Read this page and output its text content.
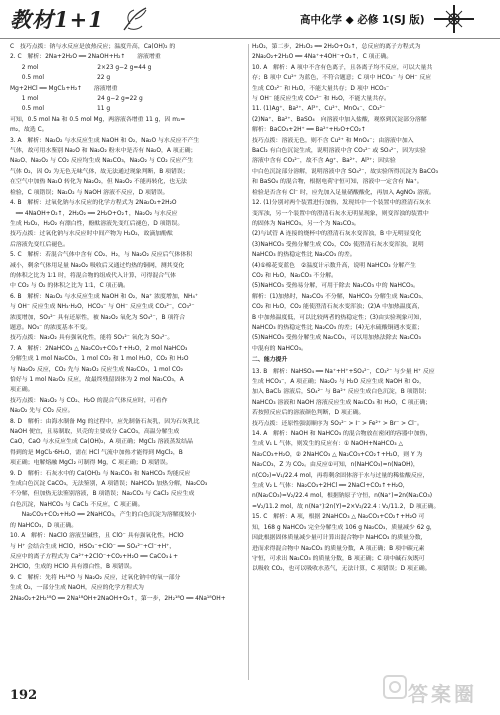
教材1+1	高中化学 ◆ 必修 1(SJ 版)

C　技巧点拨：钠与水反应是放热反应；温度升高，Ca(OH)₂ 的

2. C　解析：2Na+2H₂O ══ 2NaOH+H₂↑　　溶液增重

　　2 mol　　　　　　　　　　2×23 g−2 g=44 g

　　0.5 mol　　　　　　　　　22 g

Mg+2HCl ══ MgCl₂+H₂↑　　溶液增重

　　1 mol　　　　　　　　　　24 g−2 g=22 g

　　0.5 mol　　　　　　　　　11 g

可知，0.5 mol Na 和 0.5 mol Mg，两溶液各增重 11 g，因 m₁=

m₂，故选 C。

3. A　解析：Na₂O₂ 与水反应生成 NaOH 和 O₂，Na₂O 与水反应不产生

气体，故可用水鉴别 Na₂O 和 Na₂O₂ 粉末中是否有 Na₂O，A 项正确；

Na₂O、Na₂O₂ 与 CO₂ 反应均生成 Na₂CO₃，Na₂O₂ 与 CO₂ 反应产生

气体 O₂，因 O₂ 为无色无味气体，故无法通过现象判断，B 项错误；

在空气中加热 Na₂O 转化为 Na₂O₂，但 Na₂O₂ 不能再转化，也无法

检验，C 项错误；Na₂O₂ 与 NaOH 溶液不反应，D 项错误。

4. B　解析：过氧化钠与水反应的化学方程式为 2Na₂O₂+2H₂O

　══ 4NaOH+O₂↑，2H₂O₂ ══ 2H₂O+O₂↑，Na₂O₂ 与水反应

生成 H₂O₂，H₂O₂ 有漂白性，酚酞溶液先变红后褪色，D 项错误。

技巧点拨：过氧化钠与水反应时中间产物为 H₂O₂，故滴加酚酞

后溶液先变红后褪色。

5. C　解析：若混合气体中含有 CO₂、H₂，与 Na₂O₂ 反应后气体体积

减小，剩余气体用足量 Na₂O₂ 吸收后又通过灼热的铜网，测其变化

的体积之比为 1∶1 时，将混合物的组成代入计算，可得混合气体

中 CO₂ 与 O₂ 的体积之比为 1∶1，C 项正确。

6. B　解析：Na₂O₂ 与水反应生成 NaOH 和 O₂，Na⁺ 浓度增加，NH₄⁺

与 OH⁻ 反应生成 NH₃·H₂O，HCO₃⁻ 与 OH⁻ 反应生成 CO₃²⁻，CO₃²⁻

浓度增加，SO₃²⁻ 具有还原性，被 Na₂O₂ 氧化为 SO₄²⁻，B 项符合

题意。NO₃⁻ 的浓度基本不变。

技巧点拨：Na₂O₂ 具有强氧化性，能将 SO₃²⁻ 氧化为 SO₄²⁻。

7. A　解析：2NaHCO₃ △ Na₂CO₃+CO₂↑+H₂O，2 mol NaHCO₃

分解生成 1 mol Na₂CO₃、1 mol CO₂ 和 1 mol H₂O，CO₂ 和 H₂O

与 Na₂O₂ 反应，CO₂ 先与 Na₂O₂ 反应生成 Na₂CO₃，1 mol CO₂

恰好与 1 mol Na₂O₂ 反应，故最终残留固体为 2 mol Na₂CO₃，A

项正确。

技巧点拨：Na₂O₂ 与 CO₂、H₂O 的混合气体反应时，可看作

Na₂O₂ 先与 CO₂ 反应。

8. D　解析：由海水制备 Mg 的过程中，应先制备石灰乳，因为石灰乳比

NaOH 便宜，且易制取，贝壳的主要成分 CaCO₃，高温分解生成

CaO，CaO 与水反应生成 Ca(OH)₂，A 项正确；MgCl₂ 溶液蒸发结晶

得到的是 MgCl₂·6H₂O，需在 HCl 气流中加热才能得到 MgCl₂，B

项正确；电解熔融 MgCl₂ 可制得 Mg，C 项正确；D 项错误。

9. D　解析：石灰水中的 Ca(OH)₂ 与 Na₂CO₃ 和 NaHCO₃ 均能反应

生成白色沉淀 CaCO₃，无法鉴别，A 项错误；NaHCO₃ 加热分解，Na₂CO₃

不分解，但加热无法鉴别溶液，B 项错误；Na₂CO₃ 与 CaCl₂ 反应生成

白色沉淀，NaHCO₃ 与 CaCl₂ 不反应，C 项正确。

　　Na₂CO₃+CO₂+H₂O ══ 2NaHCO₃，产生的白色沉淀为溶解度较小

的 NaHCO₃，D 项正确。

10. A　解析：NaClO 溶液呈碱性，且 ClO⁻ 具有强氧化性，HClO

与 H⁺ 会结合生成 HClO，HSO₃⁻+ClO⁻ ══ SO₄²⁻+Cl⁻+H⁺，

反应中的离子方程式为 Ca²⁺+2ClO⁻+CO₂+H₂O ══ CaCO₃↓+

2HClO，生成的 HClO 具有漂白性，B 项错误。

9. C　解析：先将 H₂¹⁸O 与 Na₂O₂ 反应，过氧化钠中的氧一部分

生成 O₂，一部分生成 NaOH，反应的化学方程式为

2Na₂O₂+2H₂¹⁸O ══ 2Na¹⁸OH+2NaOH+O₂↑，第一步，2H₂¹⁸O ══ 4Na¹⁸OH+

H₂O₂，第二步，2H₂O₂ ══ 2H₂O+O₂↑，总反应的离子方程式为

2Na₂O₂+2H₂O ══ 4Na⁺+4OH⁻+O₂↑，C 项正确。

10. A　解析：A 项中不含有色离子，且各离子均不反应，可以大量共

存；B 项中 Cu²⁺ 为蓝色，不符合题意；C 项中 HCO₃⁻ 与 OH⁻ 反应

生成 CO₃²⁻ 和 H₂O，不能大量共存；D 项中 HCO₃⁻

与 OH⁻ 能反应生成 CO₃²⁻ 和 H₂O，不能大量共存。

11. (1)Ag⁺、Ba²⁺、Al³⁺、Cu²⁺、MnO₄⁻、CO₃²⁻

(2)Na⁺、Ba²⁺、BaSO₄　向溶液中加入盐酸，观察到沉淀部分溶解

解析：BaCO₃+2H⁺ ══ Ba²⁺+H₂O+CO₂↑

技巧点拨：溶液无色，则不含 Cu²⁺ 和 MnO₄⁻；由溶液中加入

BaCl₂ 有白色沉淀生成，说明溶液中含 CO₃²⁻ 或 SO₄²⁻，因为实验

溶液中含有 CO₃²⁻，故不含 Ag⁺、Ba²⁺、Al³⁺；因实验

中白色沉淀部分溶解，说明溶液中含 SO₄²⁻，故实验所得沉淀为 BaCO₃

和 BaSO₄ 的混合物，根据电荷守恒可知，溶液中一定含有 Na⁺。

检验是否含有 Cl⁻ 时，应先加入足量硝酸酸化，再加入 AgNO₃ 溶液。

12. (1)分别对两个装置进行加热，发现其中一个装置中的澄清石灰水

变浑浊，另一个装置中的澄清石灰水无明显现象，则变浑浊的装置中

的固体为 NaHCO₃，另一个为 Na₂CO₃。

(2)与试管 A 连接的烧杯中的澄清石灰水变浑浊，B 中无明显变化

(3)NaHCO₃ 受热分解生成 CO₂，CO₂ 使澄清石灰水变浑浊，说明

NaHCO₃ 的热稳定性比 Na₂CO₃ 的差。

(4)①棉花变蓝色　②温度计示数升高，说明 NaHCO₃ 分解产生

CO₂ 和 H₂O，Na₂CO₃ 不分解。

(5)NaHCO₃ 受热易分解，可用于除去 Na₂CO₃ 中的 NaHCO₃。

解析：(1)加热时，Na₂CO₃ 不分解，NaHCO₃ 分解生成 Na₂CO₃、

CO₂ 和 H₂O，CO₂ 能使澄清石灰水变浑浊；(2)A 中加热温度高，

B 中加热温度低，可以比较两者的热稳定性；(3)由实验现象可知，

NaHCO₃ 的热稳定性比 Na₂CO₃ 的差；(4)无水硫酸铜遇水变蓝；

(5)NaHCO₃ 受热分解生成 Na₂CO₃，可以用加热法除去 Na₂CO₃

中混有的 NaHCO₃。

二、能力提升

13. B　解析：NaHSO₄ ══ Na⁺+H⁺+SO₄²⁻，CO₃²⁻ 与少量 H⁺ 反应

生成 HCO₃⁻，A 项正确；Na₂O₂ 与 H₂O 反应生成 NaOH 和 O₂，

加入 BaCl₂ 溶液后，SO₄²⁻ 与 Ba²⁺ 反应生成白色沉淀，B 项错误；

NaHCO₃ 溶液和 NaOH 溶液反应生成 Na₂CO₃ 和 H₂O，C 项正确；

若按照反应后的溶液颜色判断，D 项正确。

技巧点拨：还原性强弱顺序为 SO₃²⁻ > I⁻ > Fe²⁺ > Br⁻ > Cl⁻。

14. A　解析：NaOH 和 NaHCO₃ 的混合物放在密闭的容器中加热，

生成 V₁ L 气体，则发生的反应有：① NaOH+NaHCO₃ △

Na₂CO₃+H₂O，② 2NaHCO₃ △ Na₂CO₃+CO₂↑+H₂O，则 Y 为

Na₂CO₃，Z 为 CO₂。由反应①可知，n(NaHCO₃)=n(NaOH)，

n(CO₂)=V₁/22.4 mol，再将剩余固体溶于水与过量的稀盐酸反应，

生成 V₂ L 气体：Na₂CO₃+2HCl ══ 2NaCl+CO₂↑+H₂O，

n(Na₂CO₃)=V₂/22.4 mol，根据钠原子守恒，n(Na⁺)=2n(Na₂CO₃)

=V₂/11.2 mol，故 n(Na⁺)∶2n(Y)=2×V₂/22.4 ∶ V₂/11.2，D 项正确。

15. C　解析：A 项，根据 2NaHCO₃ △ Na₂CO₃+CO₂↑+H₂O 可

知，168 g NaHCO₃ 完全分解生成 106 g Na₂CO₃，质量减少 62 g，

因此根据固体质量减少量可计算出混合物中 NaHCO₃ 的质量分数，

进而求得混合物中 Na₂CO₃ 的质量分数，A 项正确；B 项中碳元素

守恒，可求出 Na₂CO₃ 的质量分数，B 项正确；C 项中碱石灰既可

以吸收 CO₂，也可以吸收水蒸气，无法计算，C 项错误；D 项正确。

192	答案圈
